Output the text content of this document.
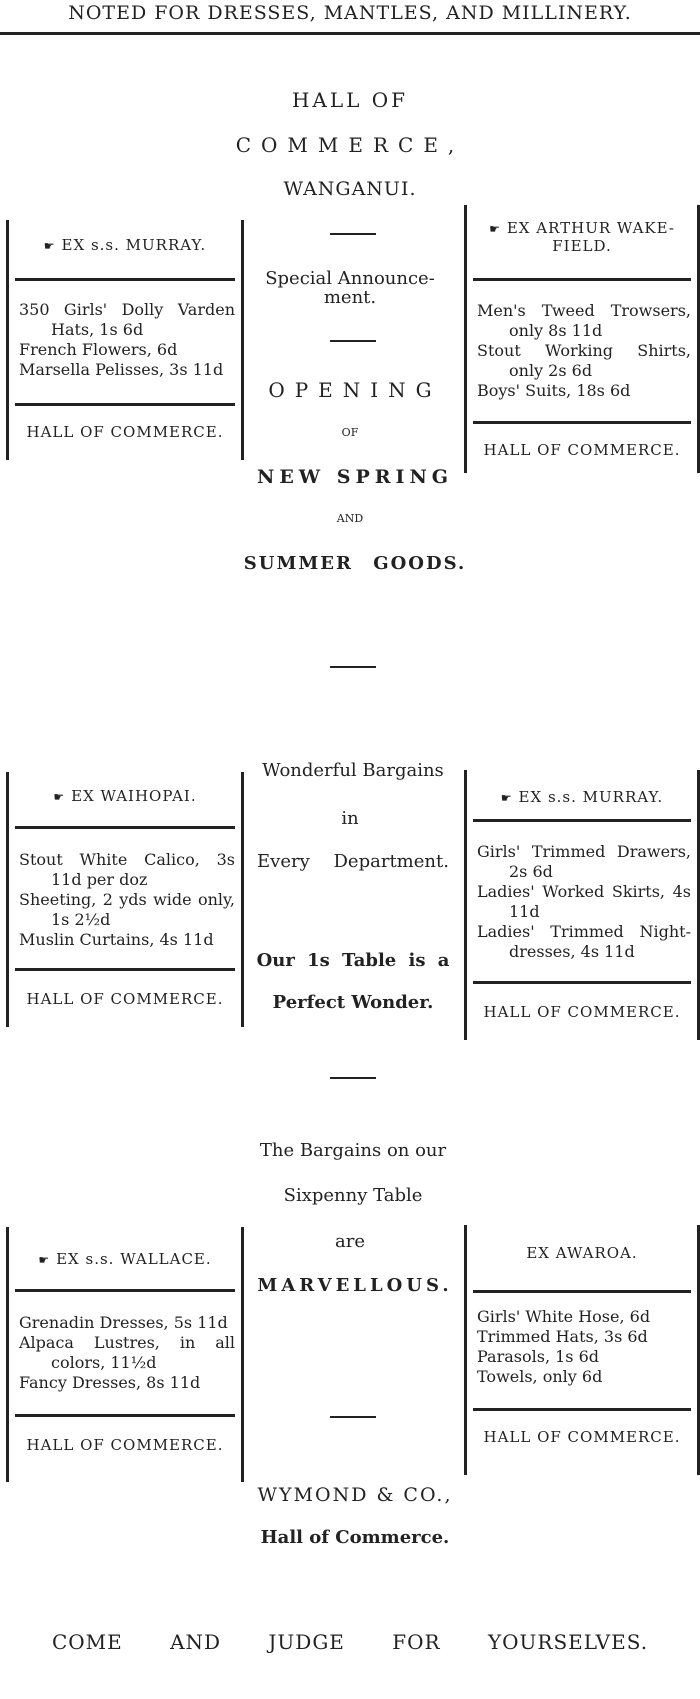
NOTED FOR DRESSES, MANTLES, AND MILLINERY.
HALL OF
COMMERCE,
WANGANUI.
Special Announce-
ment.
OPENING
OF
NEW SPRING
AND
SUMMER GOODS.
Wonderful Bargains
in
Every Department.
Our 1s Table is a
Perfect Wonder.
The Bargains on our
Sixpenny Table
are
MARVELLOUS.
WYMOND & CO.,
Hall of Commerce.
COME AND JUDGE FOR YOURSELVES.
☛ EX s.s. MURRAY.
350 Girls' Dolly Varden Hats, 1s 6d
French Flowers, 6d
Marsella Pelisses, 3s 11d
HALL OF COMMERCE.
☛ EX ARTHUR WAKE-FIELD.
Men's Tweed Trowsers, only 8s 11d
Stout Working Shirts, only 2s 6d
Boys' Suits, 18s 6d
HALL OF COMMERCE.
☛ EX WAIHOPAI.
Stout White Calico, 3s 11d per doz
Sheeting, 2 yds wide only, 1s 2½d
Muslin Curtains, 4s 11d
HALL OF COMMERCE.
☛ EX s.s. MURRAY.
Girls' Trimmed Drawers, 2s 6d
Ladies' Worked Skirts, 4s 11d
Ladies' Trimmed Night-dresses, 4s 11d
HALL OF COMMERCE.
☛ EX s.s. WALLACE.
Grenadin Dresses, 5s 11d
Alpaca Lustres, in all colors, 11½d
Fancy Dresses, 8s 11d
HALL OF COMMERCE.
EX AWAROA.
Girls' White Hose, 6d
Trimmed Hats, 3s 6d
Parasols, 1s 6d
Towels, only 6d
HALL OF COMMERCE.
